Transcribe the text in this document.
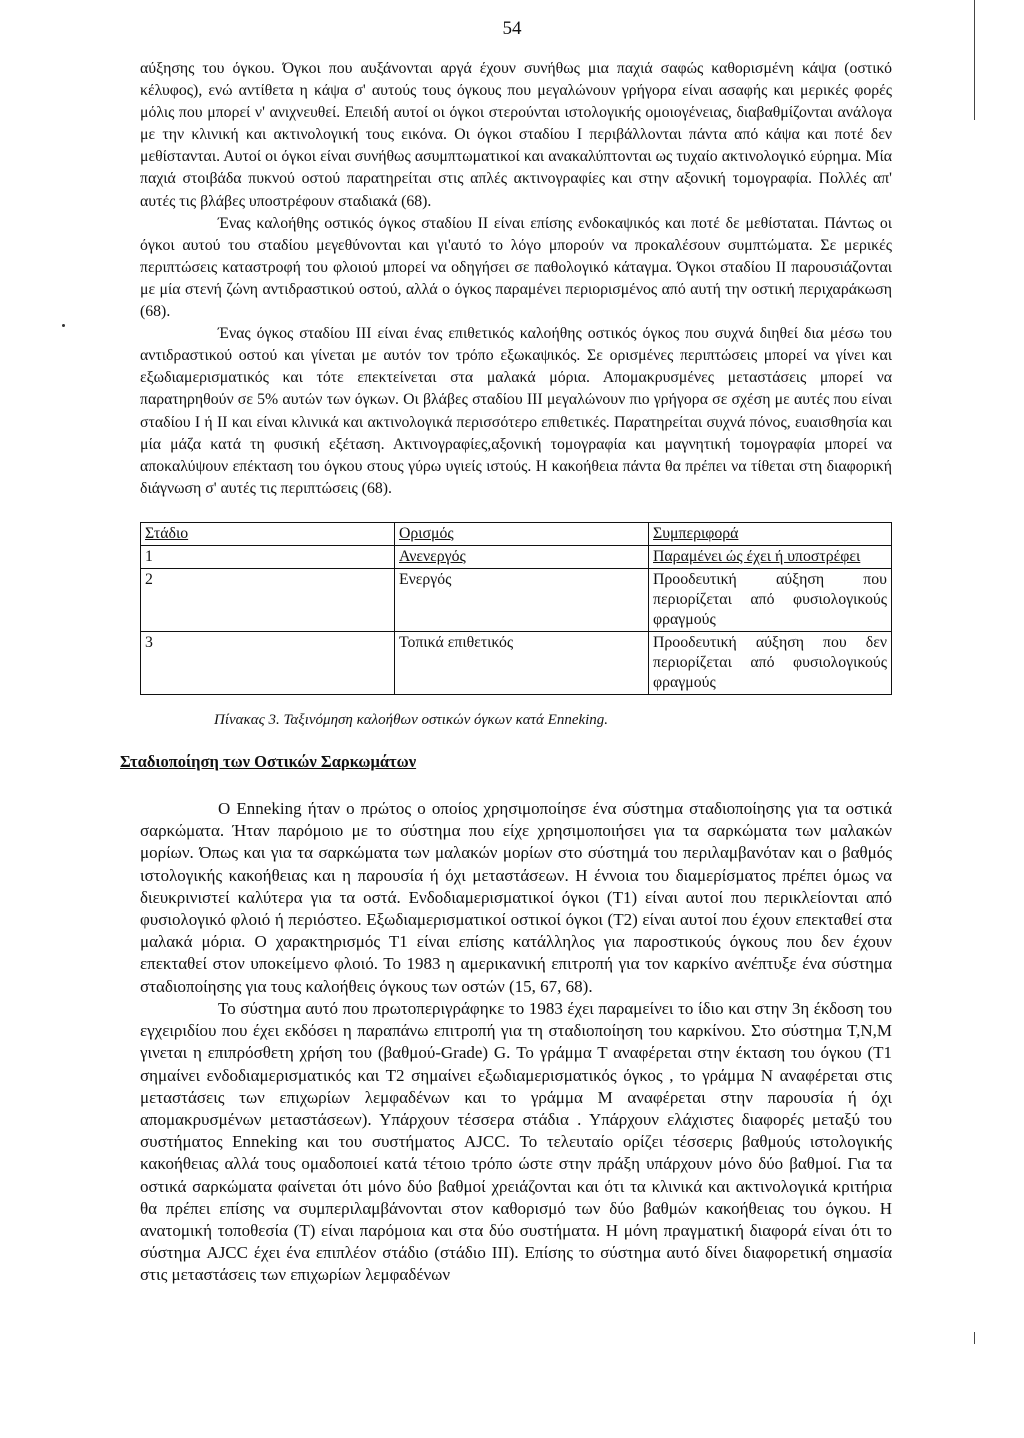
54

αύξησης του όγκου. Όγκοι που αυξάνονται αργά έχουν συνήθως μια παχιά σαφώς καθορισμένη κάψα (οστικό κέλυφος), ενώ αντίθετα η κάψα σ' αυτούς τους όγκους που μεγαλώνουν γρήγορα είναι ασαφής και μερικές φορές μόλις που μπορεί ν' ανιχνευθεί. Επειδή αυτοί οι όγκοι στερούνται ιστολογικής ομοιογένειας, διαβαθμίζονται ανάλογα με την κλινική και ακτινολογική τους εικόνα. Οι όγκοι σταδίου Ι περιβάλλονται πάντα από κάψα και ποτέ δεν μεθίστανται. Αυτοί οι όγκοι είναι συνήθως ασυμπτωματικοί και ανακαλύπτονται ως τυχαίο ακτινολογικό εύρημα. Μία παχιά στοιβάδα πυκνού οστού παρατηρείται στις απλές ακτινογραφίες και στην αξονική τομογραφία. Πολλές απ' αυτές τις βλάβες υποστρέφουν σταδιακά (68).

Ένας καλοήθης οστικός όγκος σταδίου ΙΙ είναι επίσης ενδοκαψικός και ποτέ δε μεθίσταται. Πάντως οι όγκοι αυτού του σταδίου μεγεθύνονται και γι'αυτό το λόγο μπορούν να προκαλέσουν συμπτώματα. Σε μερικές περιπτώσεις καταστροφή του φλοιού μπορεί να οδηγήσει σε παθολογικό κάταγμα. Όγκοι σταδίου ΙΙ παρουσιάζονται με μία στενή ζώνη αντιδραστικού οστού, αλλά ο όγκος παραμένει περιορισμένος από αυτή την οστική περιχαράκωση (68).

Ένας όγκος σταδίου ΙΙΙ είναι ένας επιθετικός καλοήθης οστικός όγκος που συχνά διηθεί δια μέσω του αντιδραστικού οστού και γίνεται με αυτόν τον τρόπο εξωκαψικός. Σε ορισμένες περιπτώσεις μπορεί να γίνει και εξωδιαμερισματικός και τότε επεκτείνεται στα μαλακά μόρια. Απομακρυσμένες μεταστάσεις μπορεί να παρατηρηθούν σε 5% αυτών των όγκων. Οι βλάβες σταδίου ΙΙΙ μεγαλώνουν πιο γρήγορα σε σχέση με αυτές που είναι σταδίου Ι ή ΙΙ και είναι κλινικά και ακτινολογικά περισσότερο επιθετικές. Παρατηρείται συχνά πόνος, ευαισθησία και μία μάζα κατά τη φυσική εξέταση. Ακτινογραφίες,αξονική τομογραφία και μαγνητική τομογραφία μπορεί να αποκαλύψουν επέκταση του όγκου στους γύρω υγιείς ιστούς. Η κακοήθεια πάντα θα πρέπει να τίθεται στη διαφορική διάγνωση σ' αυτές τις περιπτώσεις (68).

Στάδιο	Ορισμός	Συμπεριφορά
1	Ανενεργός	Παραμένει ώς έχει ή υποστρέφει
2	Ενεργός	Προοδευτική αύξηση που περιορίζεται από φυσιολογικούς φραγμούς
3	Τοπικά επιθετικός	Προοδευτική αύξηση που δεν περιορίζεται από φυσιολογικούς φραγμούς
Πίνακας 3. Ταξινόμηση καλοήθων οστικών όγκων κατά Enneking.
Σταδιοποίηση των Οστικών Σαρκωμάτων

Ο Enneking ήταν ο πρώτος ο οποίος χρησιμοποίησε ένα σύστημα σταδιοποίησης για τα οστικά σαρκώματα. Ήταν παρόμοιο με το σύστημα που είχε χρησιμοποιήσει για τα σαρκώματα των μαλακών μορίων. Όπως και για τα σαρκώματα των μαλακών μορίων στο σύστημά του περιλαμβανόταν και ο βαθμός ιστολογικής κακοήθειας και η παρουσία ή όχι μεταστάσεων. Η έννοια του διαμερίσματος πρέπει όμως να διευκρινιστεί καλύτερα για τα οστά. Ενδοδιαμερισματικοί όγκοι (Τ1) είναι αυτοί που περικλείονται από φυσιολογικό φλοιό ή περιόστεο. Εξωδιαμερισματικοί οστικοί όγκοι (Τ2) είναι αυτοί που έχουν επεκταθεί στα μαλακά μόρια. Ο χαρακτηρισμός Τ1 είναι επίσης κατάλληλος για παροστικούς όγκους που δεν έχουν επεκταθεί στον υποκείμενο φλοιό. Το 1983 η αμερικανική επιτροπή για τον καρκίνο ανέπτυξε ένα σύστημα σταδιοποίησης για τους καλοήθεις όγκους των οστών (15, 67, 68).

Το σύστημα αυτό που πρωτοπεριγράφηκε το 1983 έχει παραμείνει το ίδιο και στην 3η έκδοση του εγχειριδίου που έχει εκδόσει η παραπάνω επιτροπή για τη σταδιοποίηση του καρκίνου. Στο σύστημα Τ,Ν,Μ γινεται η επιπρόσθετη χρήση του (βαθμού-Grade) G. Το γράμμα Τ αναφέρεται στην έκταση του όγκου (Τ1 σημαίνει ενδοδιαμερισματικός και Τ2 σημαίνει εξωδιαμερισματικός όγκος , το γράμμα Ν αναφέρεται στις μεταστάσεις των επιχωρίων λεμφαδένων και το γράμμα Μ αναφέρεται στην παρουσία ή όχι απομακρυσμένων μεταστάσεων). Υπάρχουν τέσσερα στάδια . Υπάρχουν ελάχιστες διαφορές μεταξύ του συστήματος Enneking και του συστήματος AJCC. Το τελευταίο ορίζει τέσσερις βαθμούς ιστολογικής κακοήθειας αλλά τους ομαδοποιεί κατά τέτοιο τρόπο ώστε στην πράξη υπάρχουν μόνο δύο βαθμοί. Για τα οστικά σαρκώματα φαίνεται ότι μόνο δύο βαθμοί χρειάζονται και ότι τα κλινικά και ακτινολογικά κριτήρια θα πρέπει επίσης να συμπεριλαμβάνονται στον καθορισμό των δύο βαθμών κακοήθειας του όγκου. Η ανατομική τοποθεσία (Τ) είναι παρόμοια και στα δύο συστήματα. Η μόνη πραγματική διαφορά είναι ότι το σύστημα AJCC έχει ένα επιπλέον στάδιο (στάδιο ΙΙΙ). Επίσης το σύστημα αυτό δίνει διαφορετική σημασία στις μεταστάσεις των επιχωρίων λεμφαδένων
